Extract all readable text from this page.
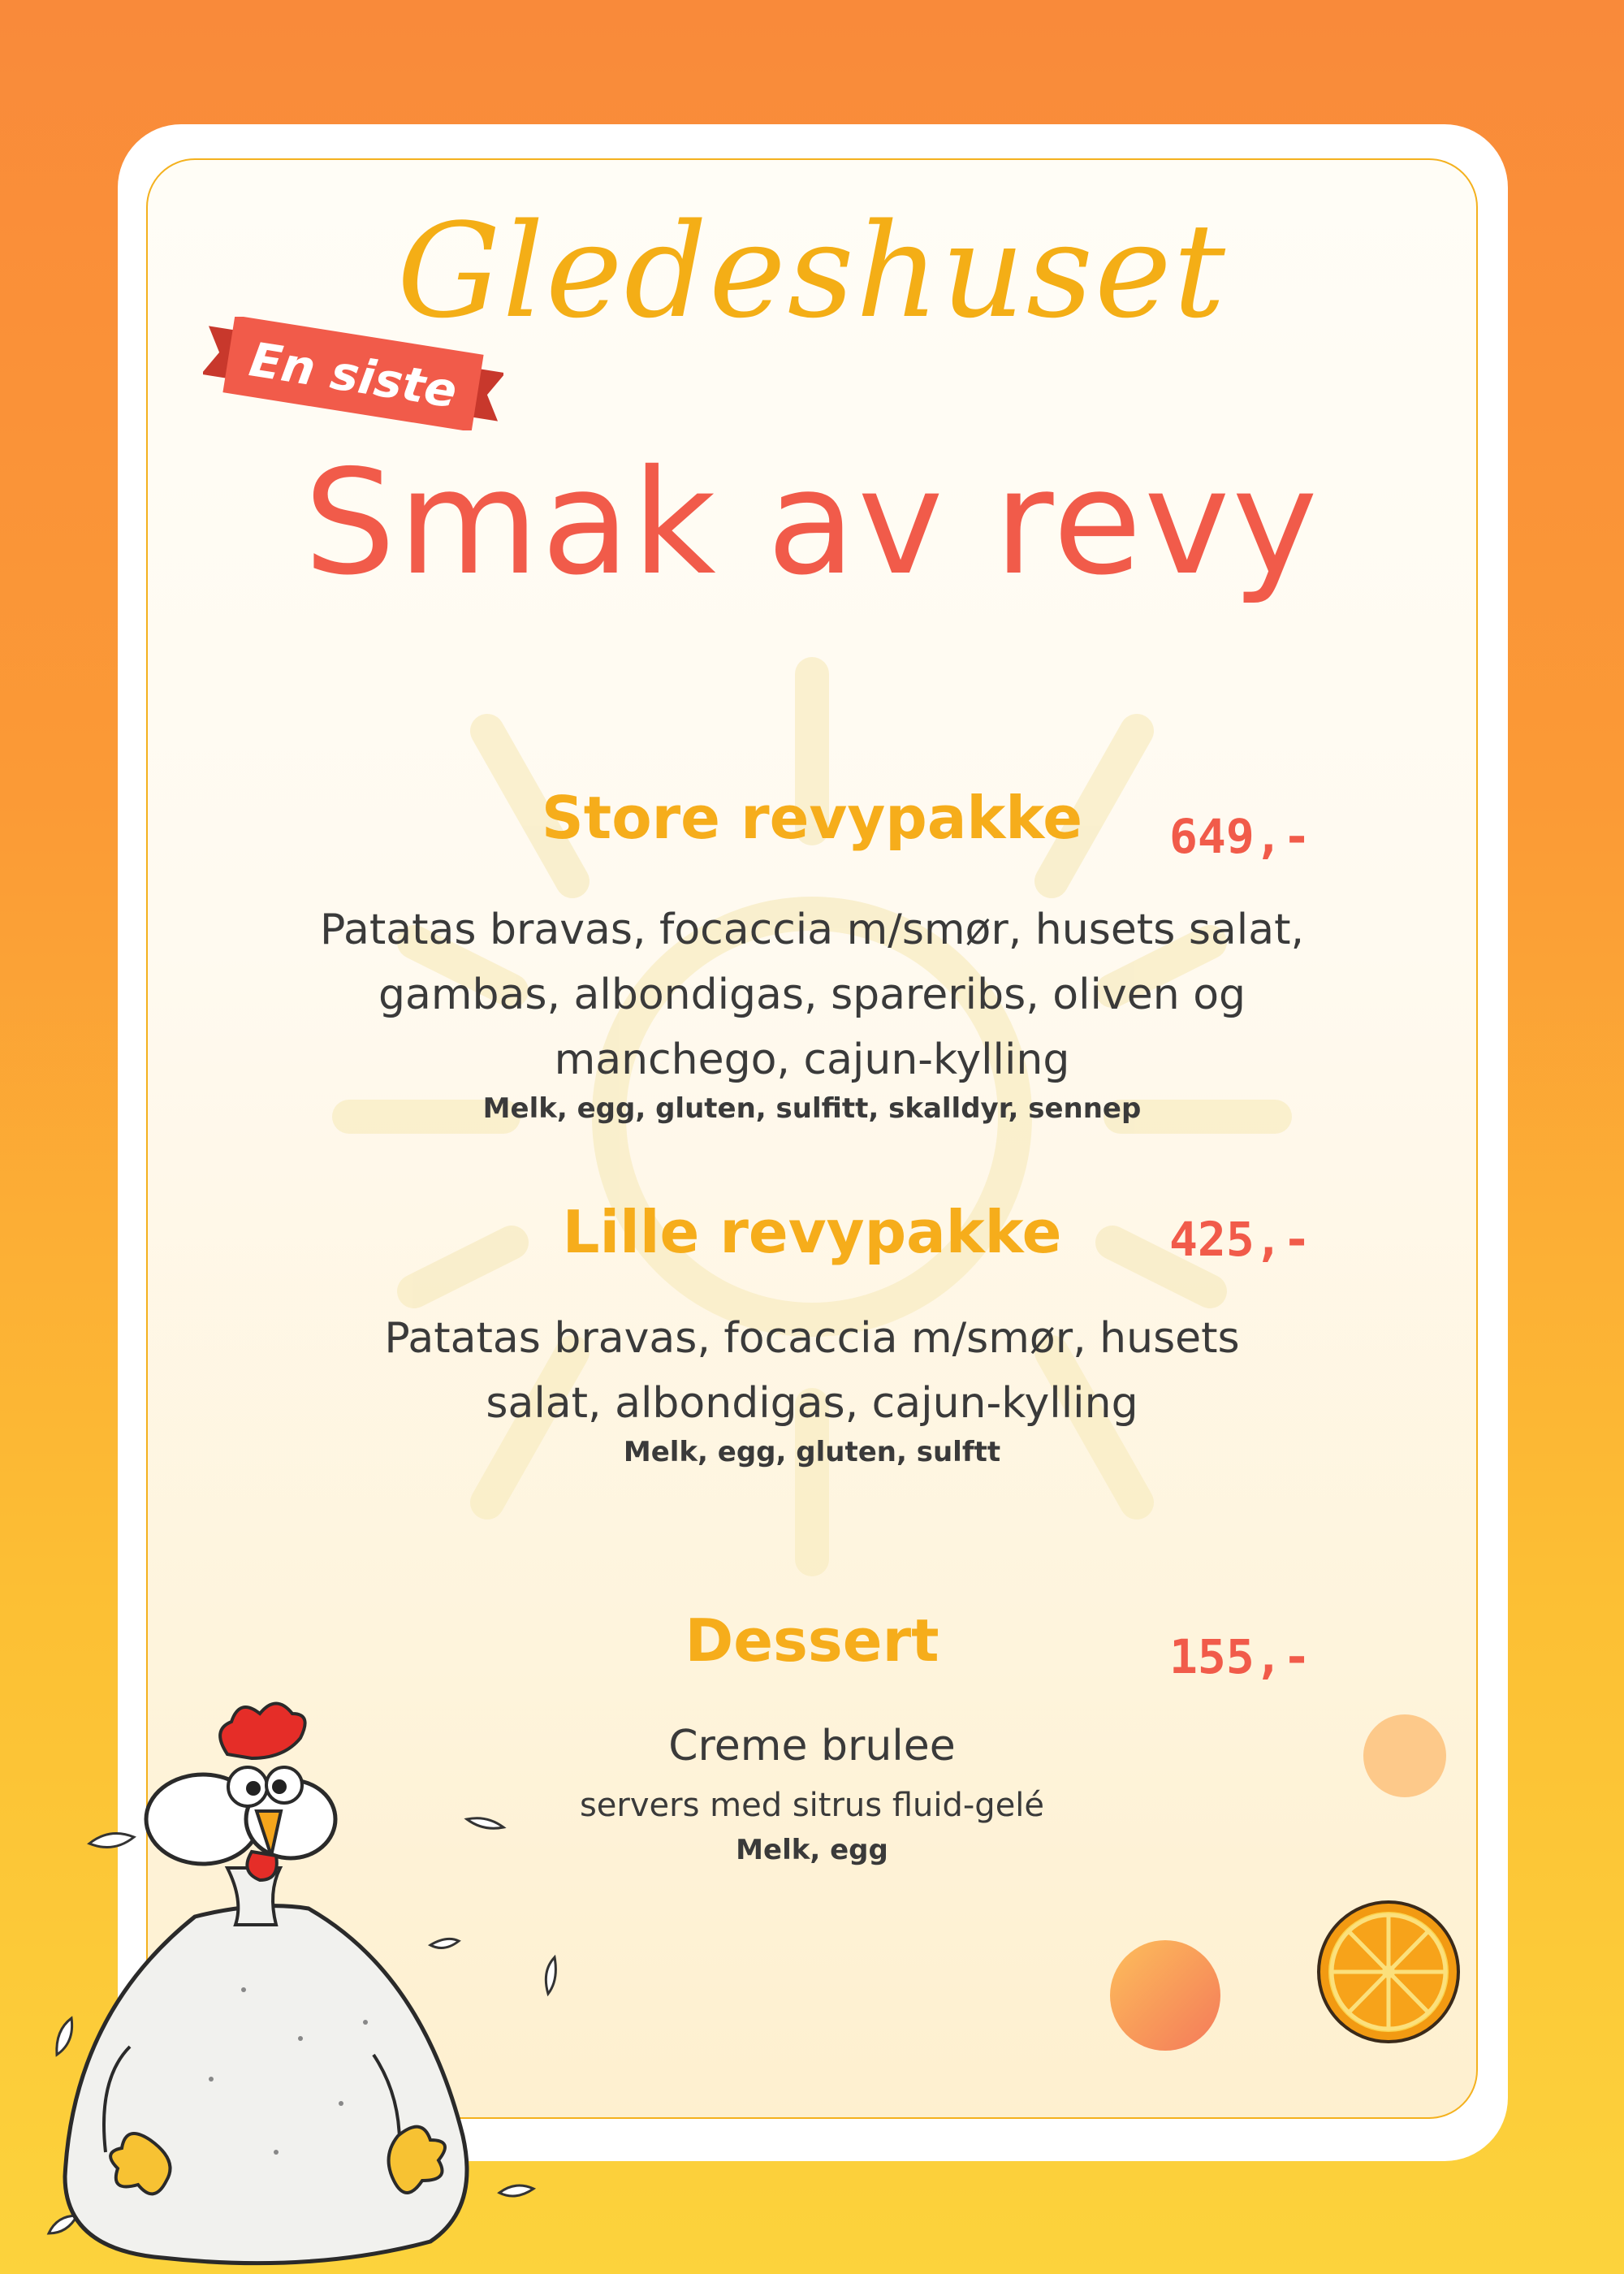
Gledeshuset
En siste
Smak av revy
Store revypakke	649,-
Patatas bravas, focaccia m/smør, husets salat,
gambas, albondigas, spareribs, oliven og
manchego, cajun-kylling
Melk, egg, gluten, sulfitt, skalldyr, sennep
Lille revypakke	425,-
Patatas bravas, focaccia m/smør, husets
salat, albondigas, cajun-kylling
Melk, egg, gluten, sulftt
Dessert	155,-
Creme brulee
servers med sitrus fluid-gelé
Melk, egg
